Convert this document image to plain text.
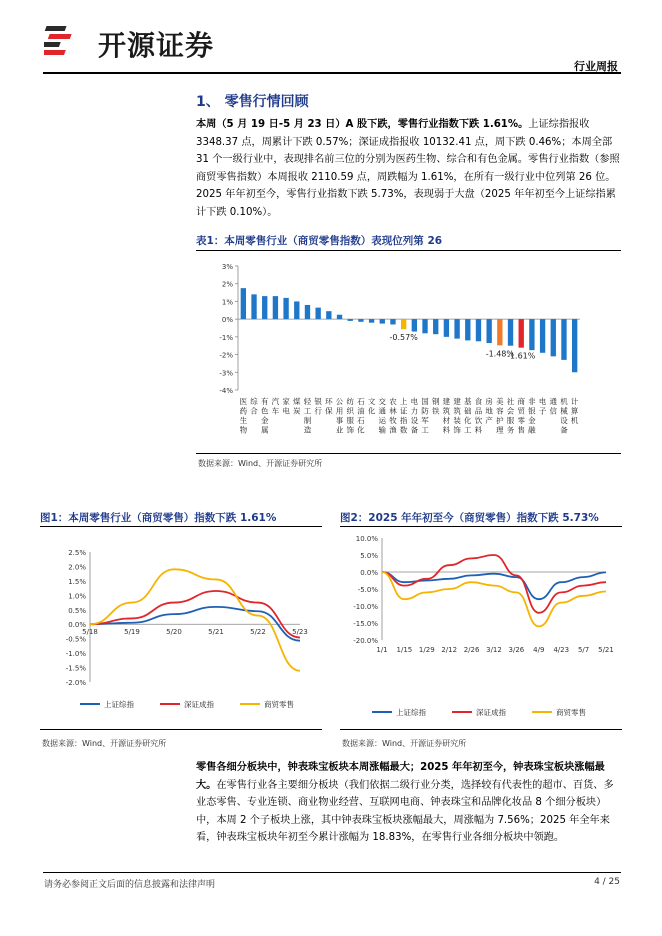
开源证券
行业周报
1、 零售行情回顾
本周（5 月 19 日-5 月 23 日）A 股下跌，零售行业指数下跌 1.61%。上证综指报收 3348.37 点，周累计下跌 0.57%；深证成指报收 10132.41 点，周下跌 0.46%；本周全部 31 个一级行业中，表现排名前三位的分别为医药生物、综合和有色金属。零售行业指数（参照商贸零售指数）本周报收 2110.59 点，周跌幅为 1.61%，在所有一级行业中位列第 26 位。2025 年年初至今，零售行业指数下跌 5.73%，表现弱于大盘（2025 年年初至今上证综指累计下跌 0.10%）。
表1：本周零售行业（商贸零售指数）表现位列第 26
3%
2%
1%
0%
-1%
-2%
-3%
-4%
医
药
生
物
综
合
有
色
金
属
汽
车
家
电
煤
炭
轻
工
制
造
银
行
环
保
公
用
事
业
纺
织
服
饰
石
油
石
化
文
化
交
通
运
输
农
林
牧
渔
上
证
指
数
电
力
设
备
国
防
军
工
钢
铁
建
筑
材
料
建
筑
装
饰
基
础
化
工
食
品
饮
料
房
地
产
美
容
护
理
社
会
服
务
商
贸
零
售
非
银
金
融
电
子
通
信
机
械
设
备
计
算
机
-0.57%
-1.48%
-1.61%
数据来源：Wind、开源证券研究所
图1：本周零售行业（商贸零售）指数下跌 1.61%
2.5%
2.0%
1.5%
1.0%
0.5%
0.0%
-0.5%
-1.0%
-1.5%
-2.0%
5/18	5/19	5/20	5/21	5/22	5/23
上证综指	深证成指	商贸零售
数据来源：Wind、开源证券研究所
图2：2025 年年初至今（商贸零售）指数下跌 5.73%
10.0%
5.0%
0.0%
-5.0%
-10.0%
-15.0%
-20.0%
1/1 1/15 1/29 2/12 2/26 3/12 3/26 4/9 4/23 5/7 5/21
上证综指	深证成指	商贸零售
数据来源：Wind、开源证券研究所
零售各细分板块中，钟表珠宝板块本周涨幅最大；2025 年年初至今，钟表珠宝板块涨幅最大。在零售行业各主要细分板块（我们依据二级行业分类，选择较有代表性的超市、百货、多业态零售、专业连锁、商业物业经营、互联网电商、钟表珠宝和品牌化妆品 8 个细分板块）中，本周 2 个子板块上涨，其中钟表珠宝板块涨幅最大，周涨幅为 7.56%；2025 年全年来看，钟表珠宝板块年初至今累计涨幅为 18.83%，在零售行业各细分板块中领跑。
请务必参阅正文后面的信息披露和法律声明	4 / 25
